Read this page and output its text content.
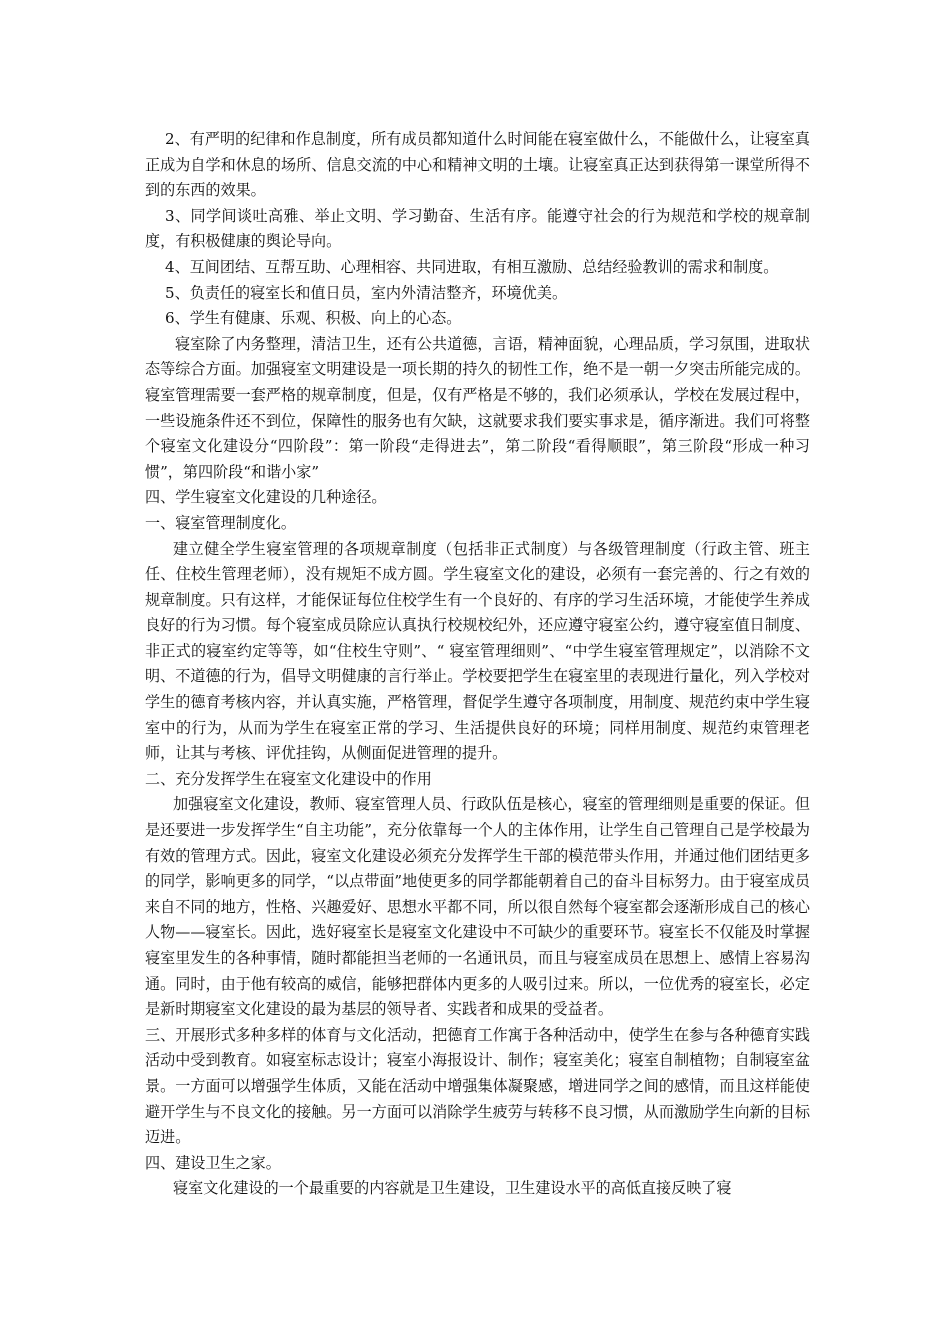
2、有严明的纪律和作息制度，所有成员都知道什么时间能在寝室做什么，不能做什么，让寝室真正成为自学和休息的场所、信息交流的中心和精神文明的土壤。让寝室真正达到获得第一课堂所得不到的东西的效果。

3、同学间谈吐高雅、举止文明、学习勤奋、生活有序。能遵守社会的行为规范和学校的规章制度，有积极健康的舆论导向。

4、互间团结、互帮互助、心理相容、共同进取，有相互激励、总结经验教训的需求和制度。

5、负责任的寝室长和值日员，室内外清洁整齐，环境优美。

6、学生有健康、乐观、积极、向上的心态。

寝室除了内务整理，清洁卫生，还有公共道德，言语，精神面貌，心理品质，学习氛围，进取状态等综合方面。加强寝室文明建设是一项长期的持久的韧性工作，绝不是一朝一夕突击所能完成的。寝室管理需要一套严格的规章制度，但是，仅有严格是不够的，我们必须承认，学校在发展过程中，一些设施条件还不到位，保障性的服务也有欠缺，这就要求我们要实事求是，循序渐进。我们可将整个寝室文化建设分“四阶段”：第一阶段“走得进去”，第二阶段“看得顺眼”，第三阶段“形成一种习惯”，第四阶段“和谐小家”

四、学生寝室文化建设的几种途径。

一、寝室管理制度化。

建立健全学生寝室管理的各项规章制度（包括非正式制度）与各级管理制度（行政主管、班主任、住校生管理老师），没有规矩不成方圆。学生寝室文化的建设，必须有一套完善的、行之有效的规章制度。只有这样，才能保证每位住校学生有一个良好的、有序的学习生活环境，才能使学生养成良好的行为习惯。每个寝室成员除应认真执行校规校纪外，还应遵守寝室公约，遵守寝室值日制度、非正式的寝室约定等等，如“住校生守则”、“ 寝室管理细则”、“中学生寝室管理规定”，以消除不文明、不道德的行为，倡导文明健康的言行举止。学校要把学生在寝室里的表现进行量化，列入学校对学生的德育考核内容，并认真实施，严格管理，督促学生遵守各项制度，用制度、规范约束中学生寝室中的行为，从而为学生在寝室正常的学习、生活提供良好的环境；同样用制度、规范约束管理老师，让其与考核、评优挂钩，从侧面促进管理的提升。

二、充分发挥学生在寝室文化建设中的作用

加强寝室文化建设，教师、寝室管理人员、行政队伍是核心，寝室的管理细则是重要的保证。但是还要进一步发挥学生“自主功能”，充分依靠每一个人的主体作用，让学生自己管理自己是学校最为有效的管理方式。因此，寝室文化建设必须充分发挥学生干部的模范带头作用，并通过他们团结更多的同学，影响更多的同学，“以点带面”地使更多的同学都能朝着自己的奋斗目标努力。由于寝室成员来自不同的地方，性格、兴趣爱好、思想水平都不同，所以很自然每个寝室都会逐渐形成自己的核心人物——寝室长。因此，选好寝室长是寝室文化建设中不可缺少的重要环节。寝室长不仅能及时掌握寝室里发生的各种事情，随时都能担当老师的一名通讯员，而且与寝室成员在思想上、感情上容易沟通。同时，由于他有较高的威信，能够把群体内更多的人吸引过来。所以，一位优秀的寝室长，必定是新时期寝室文化建设的最为基层的领导者、实践者和成果的受益者。

三、开展形式多种多样的体育与文化活动，把德育工作寓于各种活动中，使学生在参与各种德育实践活动中受到教育。如寝室标志设计；寝室小海报设计、制作；寝室美化；寝室自制植物；自制寝室盆景。一方面可以增强学生体质，又能在活动中增强集体凝聚感，增进同学之间的感情，而且这样能使避开学生与不良文化的接触。另一方面可以消除学生疲劳与转移不良习惯，从而激励学生向新的目标迈进。

四、建设卫生之家。

寝室文化建设的一个最重要的内容就是卫生建设，卫生建设水平的高低直接反映了寝
